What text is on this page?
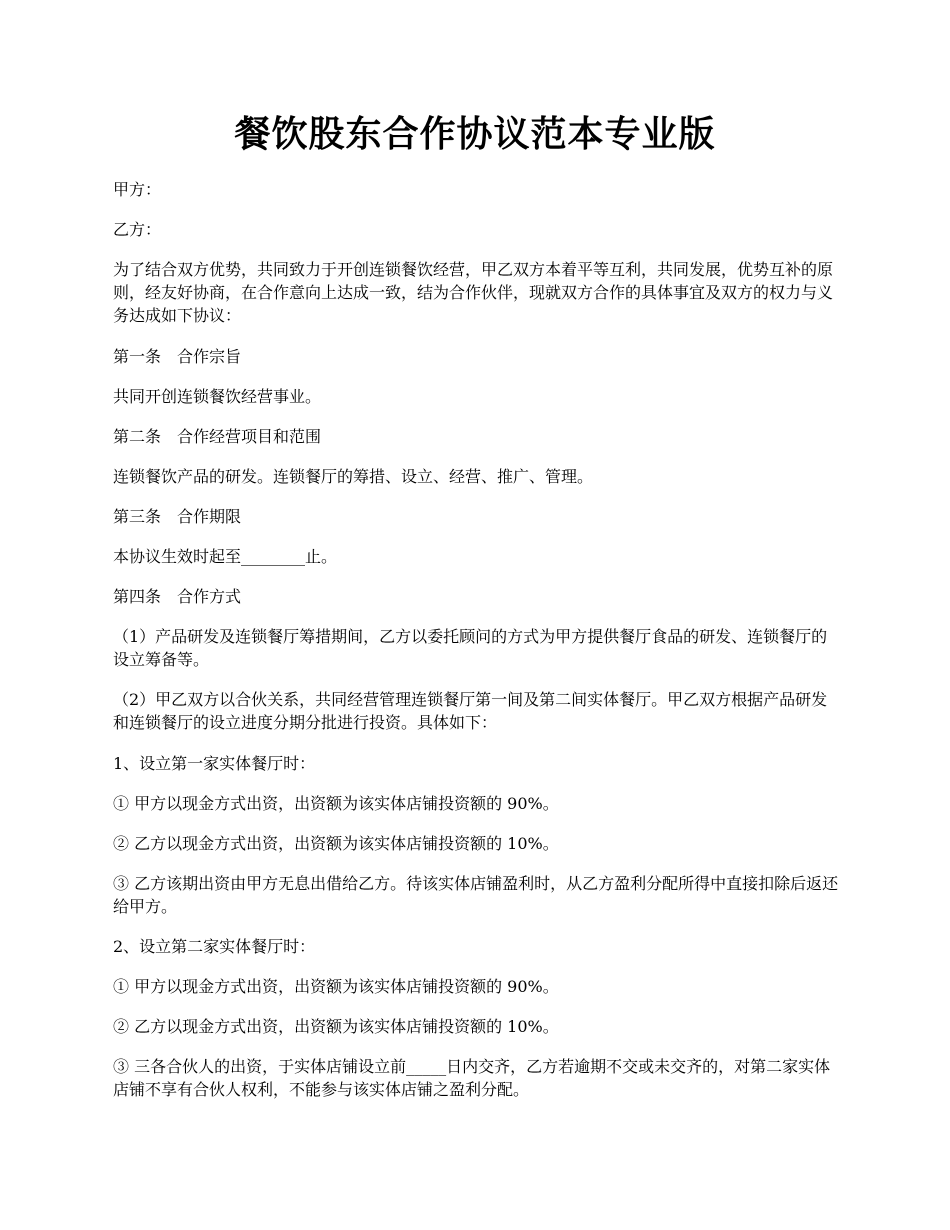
餐饮股东合作协议范本专业版

甲方：

乙方：

为了结合双方优势，共同致力于开创连锁餐饮经营，甲乙双方本着平等互利，共同发展，优势互补的原则，经友好协商，在合作意向上达成一致，结为合作伙伴，现就双方合作的具体事宜及双方的权力与义务达成如下协议：

第一条　合作宗旨

共同开创连锁餐饮经营事业。

第二条　合作经营项目和范围

连锁餐饮产品的研发。连锁餐厅的筹措、设立、经营、推广、管理。

第三条　合作期限

本协议生效时起至________止。

第四条　合作方式

（1）产品研发及连锁餐厅筹措期间，乙方以委托顾问的方式为甲方提供餐厅食品的研发、连锁餐厅的设立筹备等。

（2）甲乙双方以合伙关系，共同经营管理连锁餐厅第一间及第二间实体餐厅。甲乙双方根据产品研发和连锁餐厅的设立进度分期分批进行投资。具体如下：

1、设立第一家实体餐厅时：

① 甲方以现金方式出资，出资额为该实体店铺投资额的 90%。

② 乙方以现金方式出资，出资额为该实体店铺投资额的 10%。

③ 乙方该期出资由甲方无息出借给乙方。待该实体店铺盈利时，从乙方盈利分配所得中直接扣除后返还给甲方。

2、设立第二家实体餐厅时：

① 甲方以现金方式出资，出资额为该实体店铺投资额的 90%。

② 乙方以现金方式出资，出资额为该实体店铺投资额的 10%。

③ 三各合伙人的出资，于实体店铺设立前_____日内交齐，乙方若逾期不交或未交齐的，对第二家实体店铺不享有合伙人权利，不能参与该实体店铺之盈利分配。
